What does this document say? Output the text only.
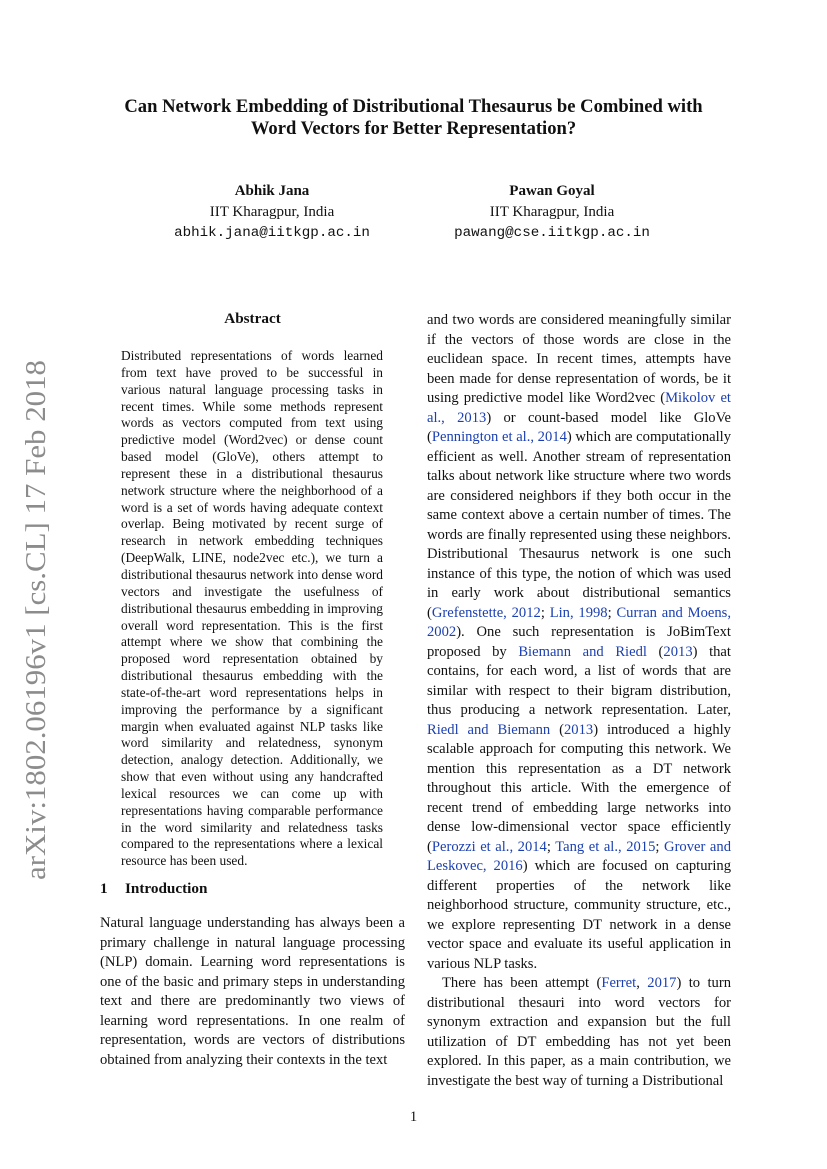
arXiv:1802.06196v1 [cs.CL] 17 Feb 2018
Can Network Embedding of Distributional Thesaurus be Combined with
Word Vectors for Better Representation?
Abhik Jana
IIT Kharagpur, India
abhik.jana@iitkgp.ac.in
Pawan Goyal
IIT Kharagpur, India
pawang@cse.iitkgp.ac.in
Abstract
Distributed representations of words learned from text have proved to be successful in various natural language processing tasks in recent times. While some methods represent words as vectors computed from text using predictive model (Word2vec) or dense count based model (GloVe), others attempt to represent these in a distributional thesaurus network structure where the neighborhood of a word is a set of words having adequate context overlap. Being motivated by recent surge of research in network embedding techniques (DeepWalk, LINE, node2vec etc.), we turn a distributional thesaurus network into dense word vectors and investigate the usefulness of distributional thesaurus embedding in improving overall word representation. This is the first attempt where we show that combining the proposed word representation obtained by distributional thesaurus embedding with the state-of-the-art word representations helps in improving the performance by a significant margin when evaluated against NLP tasks like word similarity and relatedness, synonym detection, analogy detection. Additionally, we show that even without using any handcrafted lexical resources we can come up with representations having comparable performance in the word similarity and relatedness tasks compared to the representations where a lexical resource has been used.
1 Introduction

Natural language understanding has always been a primary challenge in natural language processing (NLP) domain. Learning word representations is one of the basic and primary steps in understanding text and there are predominantly two views of learning word representations. In one realm of representation, words are vectors of distributions obtained from analyzing their contexts in the text

and two words are considered meaningfully similar if the vectors of those words are close in the euclidean space. In recent times, attempts have been made for dense representation of words, be it using predictive model like Word2vec (Mikolov et al., 2013) or count-based model like GloVe (Pennington et al., 2014) which are computationally efficient as well. Another stream of representation talks about network like structure where two words are considered neighbors if they both occur in the same context above a certain number of times. The words are finally represented using these neighbors. Distributional Thesaurus network is one such instance of this type, the notion of which was used in early work about distributional semantics (Grefenstette, 2012; Lin, 1998; Curran and Moens, 2002). One such representation is JoBimText proposed by Biemann and Riedl (2013) that contains, for each word, a list of words that are similar with respect to their bigram distribution, thus producing a network representation. Later, Riedl and Biemann (2013) introduced a highly scalable approach for computing this network. We mention this representation as a DT network throughout this article. With the emergence of recent trend of embedding large networks into dense low-dimensional vector space efficiently (Perozzi et al., 2014; Tang et al., 2015; Grover and Leskovec, 2016) which are focused on capturing different properties of the network like neighborhood structure, community structure, etc., we explore representing DT network in a dense vector space and evaluate its useful application in various NLP tasks.

There has been attempt (Ferret, 2017) to turn distributional thesauri into word vectors for synonym extraction and expansion but the full utilization of DT embedding has not yet been explored. In this paper, as a main contribution, we investigate the best way of turning a Distributional

1
